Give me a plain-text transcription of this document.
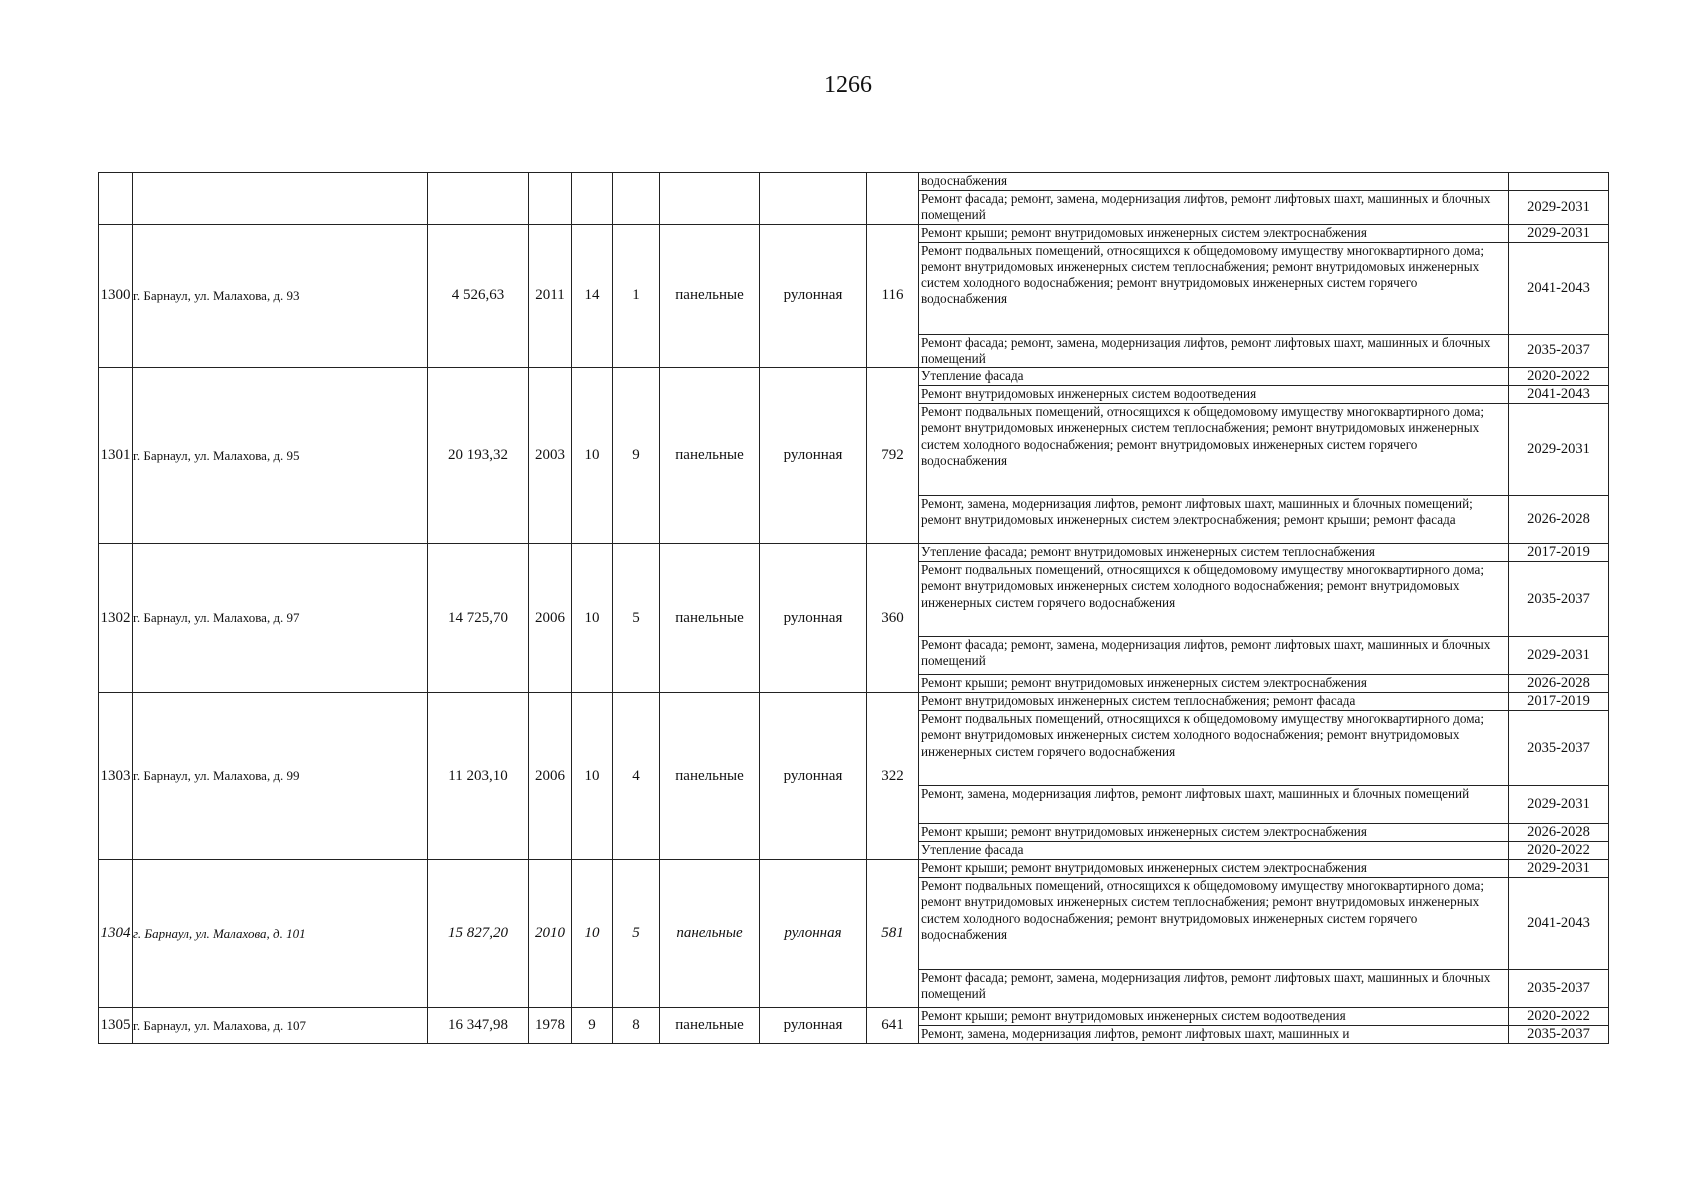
1266
									водоснабжения	
									Ремонт фасада; ремонт, замена, модернизация лифтов, ремонт лифтовых шахт, машинных и блочных помещений	2029-2031
1300	г. Барнаул, ул. Малахова, д. 93	4 526,63	2011	14	1	панельные	рулонная	116	Ремонт крыши; ремонт внутридомовых инженерных систем электроснабжения	2029-2031
									Ремонт подвальных помещений, относящихся к общедомовому имуществу многоквартирного дома; ремонт внутридомовых инженерных систем теплоснабжения; ремонт внутридомовых инженерных систем холодного водоснабжения; ремонт внутридомовых инженерных систем горячего водоснабжения	2041-2043
									Ремонт фасада; ремонт, замена, модернизация лифтов, ремонт лифтовых шахт, машинных и блочных помещений	2035-2037
1301	г. Барнаул, ул. Малахова, д. 95	20 193,32	2003	10	9	панельные	рулонная	792	Утепление фасада	2020-2022
									Ремонт внутридомовых инженерных систем водоотведения	2041-2043
									Ремонт подвальных помещений, относящихся к общедомовому имуществу многоквартирного дома; ремонт внутридомовых инженерных систем теплоснабжения; ремонт внутридомовых инженерных систем холодного водоснабжения; ремонт внутридомовых инженерных систем горячего водоснабжения	2029-2031
									Ремонт, замена, модернизация лифтов, ремонт лифтовых шахт, машинных и блочных помещений; ремонт внутридомовых инженерных систем электроснабжения; ремонт крыши; ремонт фасада	2026-2028
1302	г. Барнаул, ул. Малахова, д. 97	14 725,70	2006	10	5	панельные	рулонная	360	Утепление фасада; ремонт внутридомовых инженерных систем теплоснабжения	2017-2019
									Ремонт подвальных помещений, относящихся к общедомовому имуществу многоквартирного дома; ремонт внутридомовых инженерных систем холодного водоснабжения; ремонт внутридомовых инженерных систем горячего водоснабжения	2035-2037
									Ремонт фасада; ремонт, замена, модернизация лифтов, ремонт лифтовых шахт, машинных и блочных помещений	2029-2031
									Ремонт крыши; ремонт внутридомовых инженерных систем электроснабжения	2026-2028
1303	г. Барнаул, ул. Малахова, д. 99	11 203,10	2006	10	4	панельные	рулонная	322	Ремонт внутридомовых инженерных систем теплоснабжения; ремонт фасада	2017-2019
									Ремонт подвальных помещений, относящихся к общедомовому имуществу многоквартирного дома; ремонт внутридомовых инженерных систем холодного водоснабжения; ремонт внутридомовых инженерных систем горячего водоснабжения	2035-2037
									Ремонт, замена, модернизация лифтов, ремонт лифтовых шахт, машинных и блочных помещений	2029-2031
									Ремонт крыши; ремонт внутридомовых инженерных систем электроснабжения	2026-2028
									Утепление фасада	2020-2022
1304	г. Барнаул, ул. Малахова, д. 101	15 827,20	2010	10	5	панельные	рулонная	581	Ремонт крыши; ремонт внутридомовых инженерных систем электроснабжения	2029-2031
									Ремонт подвальных помещений, относящихся к общедомовому имуществу многоквартирного дома; ремонт внутридомовых инженерных систем теплоснабжения; ремонт внутридомовых инженерных систем холодного водоснабжения; ремонт внутридомовых инженерных систем горячего водоснабжения	2041-2043
									Ремонт фасада; ремонт, замена, модернизация лифтов, ремонт лифтовых шахт, машинных и блочных помещений	2035-2037
1305	г. Барнаул, ул. Малахова, д. 107	16 347,98	1978	9	8	панельные	рулонная	641	Ремонт крыши; ремонт внутридомовых инженерных систем водоотведения	2020-2022
									Ремонт, замена, модернизация лифтов, ремонт лифтовых шахт, машинных и	2035-2037
